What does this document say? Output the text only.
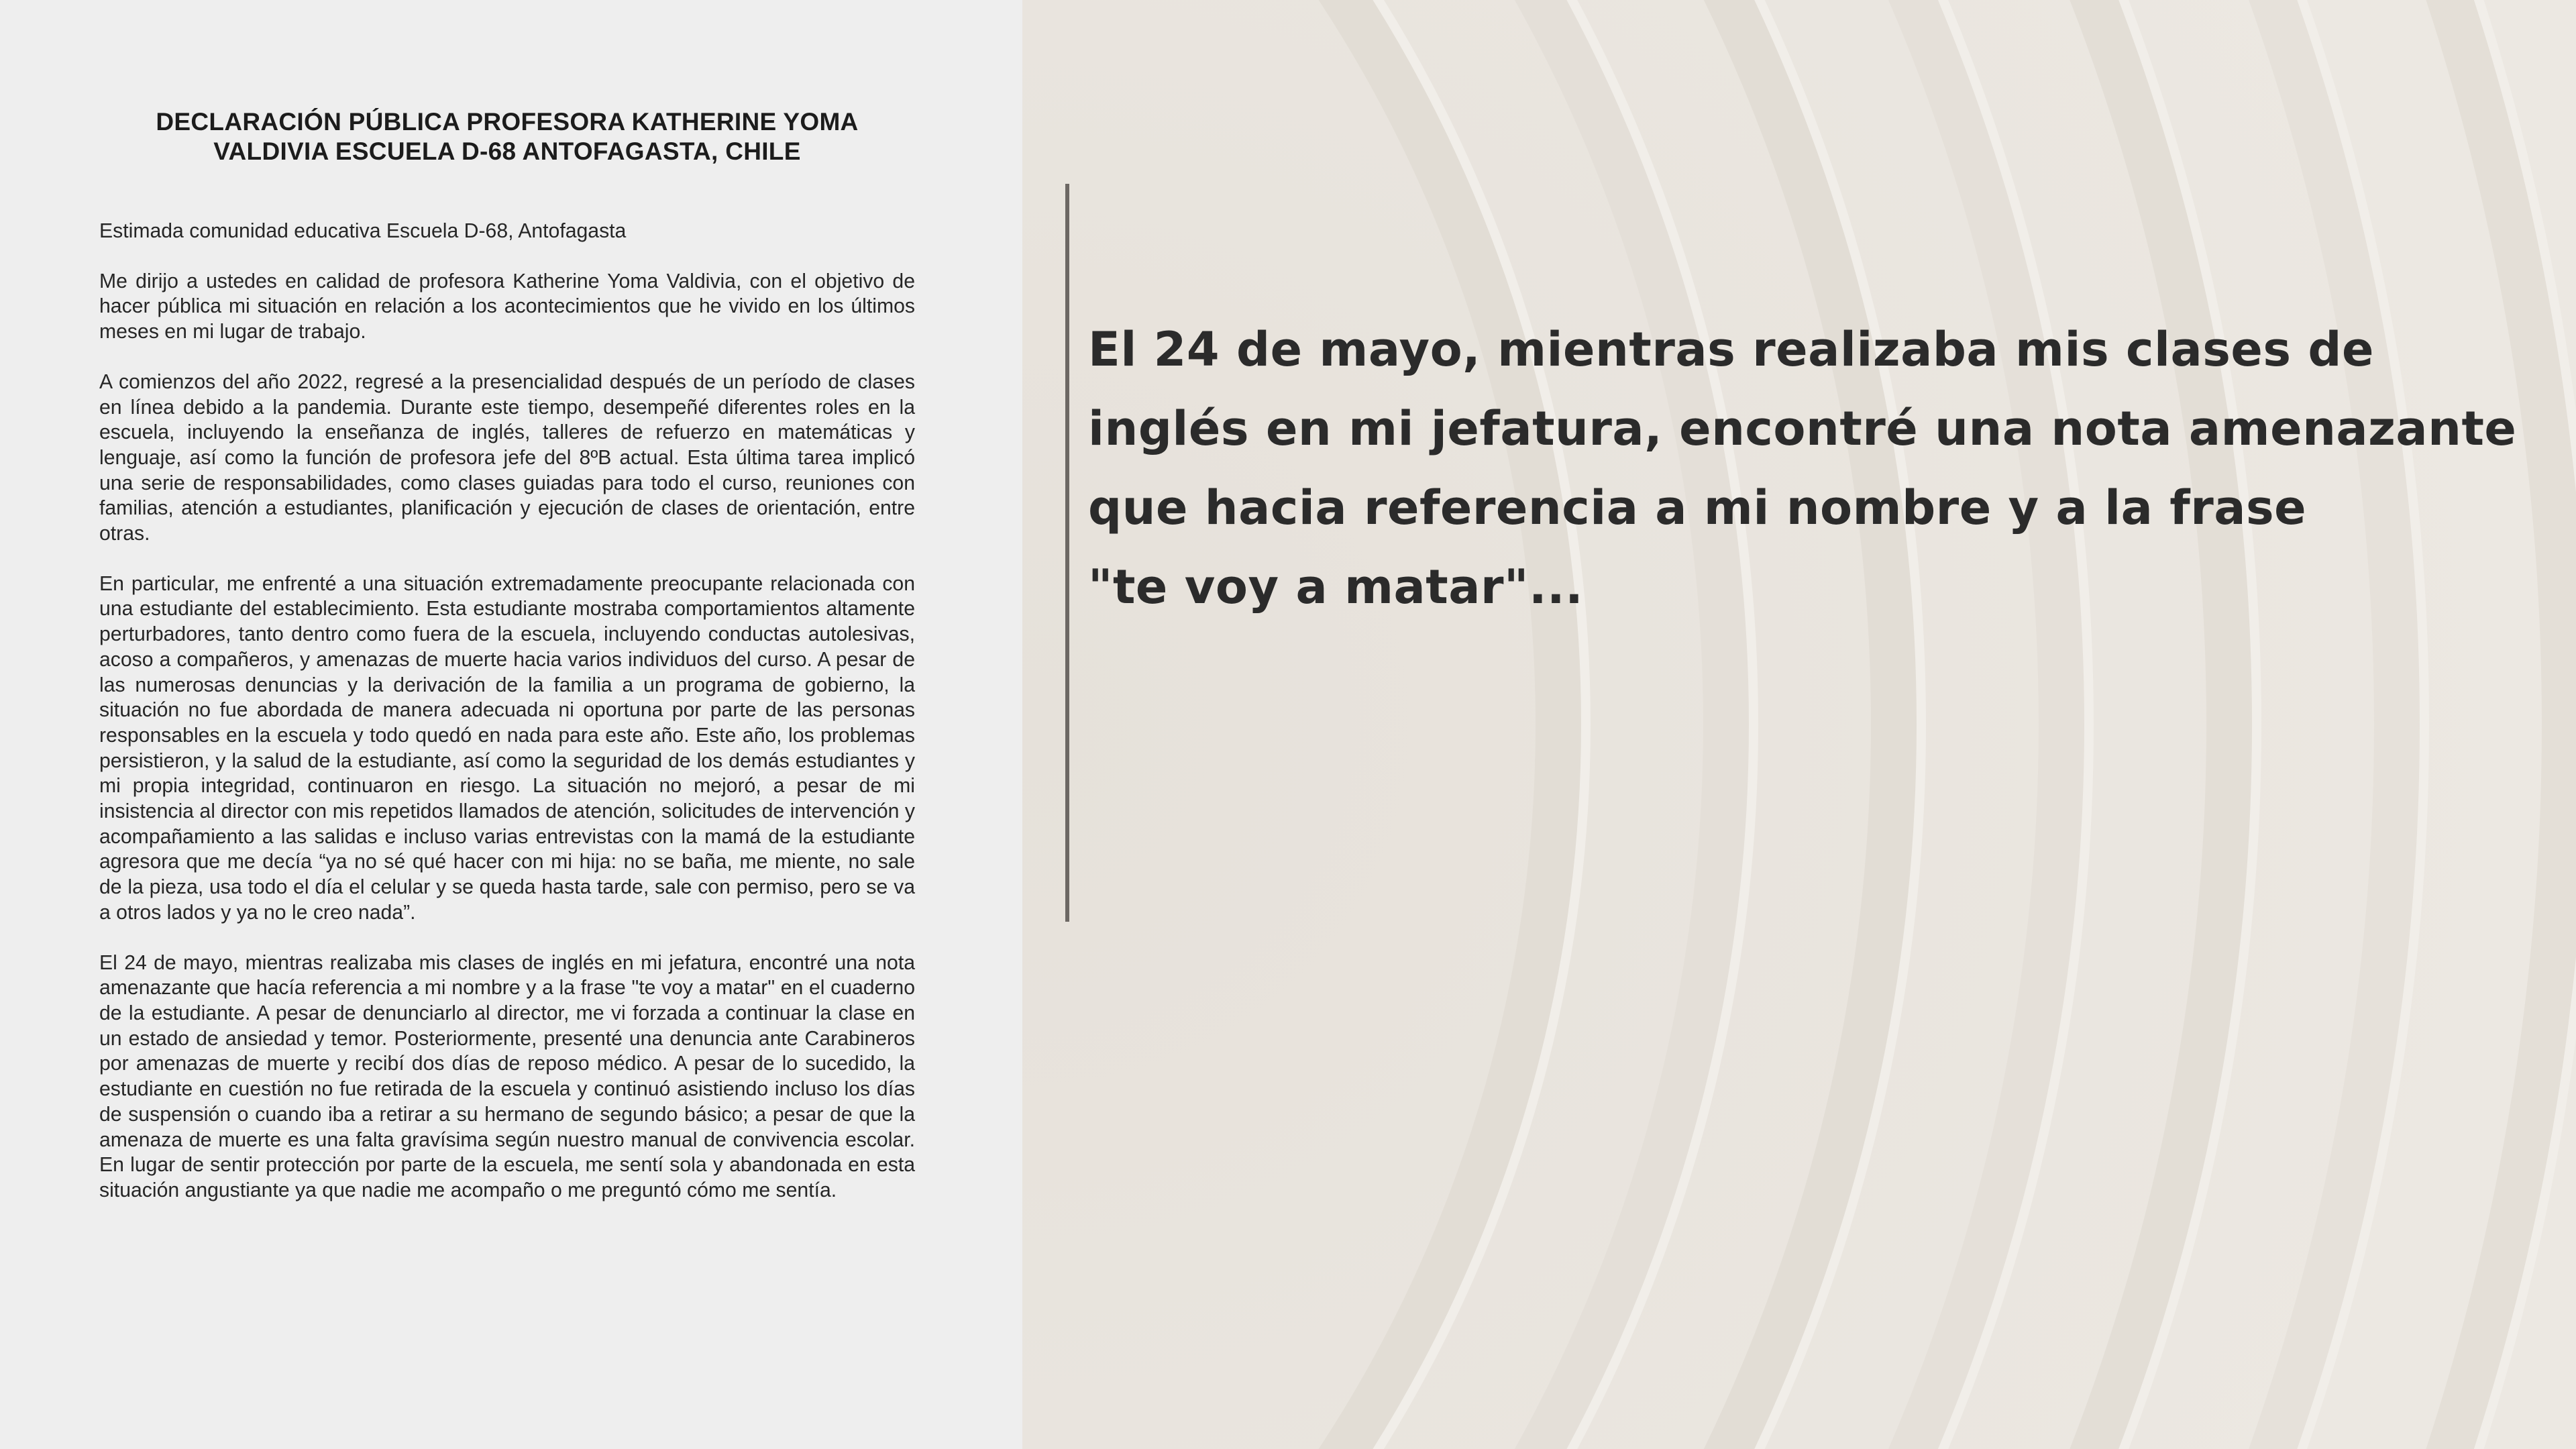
DECLARACIÓN PÚBLICA PROFESORA KATHERINE YOMA
VALDIVIA ESCUELA D-68 ANTOFAGASTA, CHILE

Estimada comunidad educativa Escuela D-68, Antofagasta

Me dirijo a ustedes en calidad de profesora Katherine Yoma Valdivia, con el objetivo de hacer pública mi situación en relación a los acontecimientos que he vivido en los últimos meses en mi lugar de trabajo.

A comienzos del año 2022, regresé a la presencialidad después de un período de clases en línea debido a la pandemia. Durante este tiempo, desempeñé diferentes roles en la escuela, incluyendo la enseñanza de inglés, talleres de refuerzo en matemáticas y lenguaje, así como la función de profesora jefe del 8ºB actual. Esta última tarea implicó una serie de responsabilidades, como clases guiadas para todo el curso, reuniones con familias, atención a estudiantes, planificación y ejecución de clases de orientación, entre otras.

En particular, me enfrenté a una situación extremadamente preocupante relacionada con una estudiante del establecimiento. Esta estudiante mostraba comportamientos altamente perturbadores, tanto dentro como fuera de la escuela, incluyendo conductas autolesivas, acoso a compañeros, y amenazas de muerte hacia varios individuos del curso. A pesar de las numerosas denuncias y la derivación de la familia a un programa de gobierno, la situación no fue abordada de manera adecuada ni oportuna por parte de las personas responsables en la escuela y todo quedó en nada para este año. Este año, los problemas persistieron, y la salud de la estudiante, así como la seguridad de los demás estudiantes y mi propia integridad, continuaron en riesgo. La situación no mejoró, a pesar de mi insistencia al director con mis repetidos llamados de atención, solicitudes de intervención y acompañamiento a las salidas e incluso varias entrevistas con la mamá de la estudiante agresora que me decía “ya no sé qué hacer con mi hija: no se baña, me miente, no sale de la pieza, usa todo el día el celular y se queda hasta tarde, sale con permiso, pero se va a otros lados y ya no le creo nada”.

El 24 de mayo, mientras realizaba mis clases de inglés en mi jefatura, encontré una nota amenazante que hacía referencia a mi nombre y a la frase "te voy a matar" en el cuaderno de la estudiante. A pesar de denunciarlo al director, me vi forzada a continuar la clase en un estado de ansiedad y temor. Posteriormente, presenté una denuncia ante Carabineros por amenazas de muerte y recibí dos días de reposo médico. A pesar de lo sucedido, la estudiante en cuestión no fue retirada de la escuela y continuó asistiendo incluso los días de suspensión o cuando iba a retirar a su hermano de segundo básico; a pesar de que la amenaza de muerte es una falta gravísima según nuestro manual de convivencia escolar. En lugar de sentir protección por parte de la escuela, me sentí sola y abandonada en esta situación angustiante ya que nadie me acompaño o me preguntó cómo me sentía.

El 24 de mayo, mientras realizaba mis clases de
inglés en mi jefatura, encontré una nota amenazante
que hacia referencia a mi nombre y a la frase
"te voy a matar"...
